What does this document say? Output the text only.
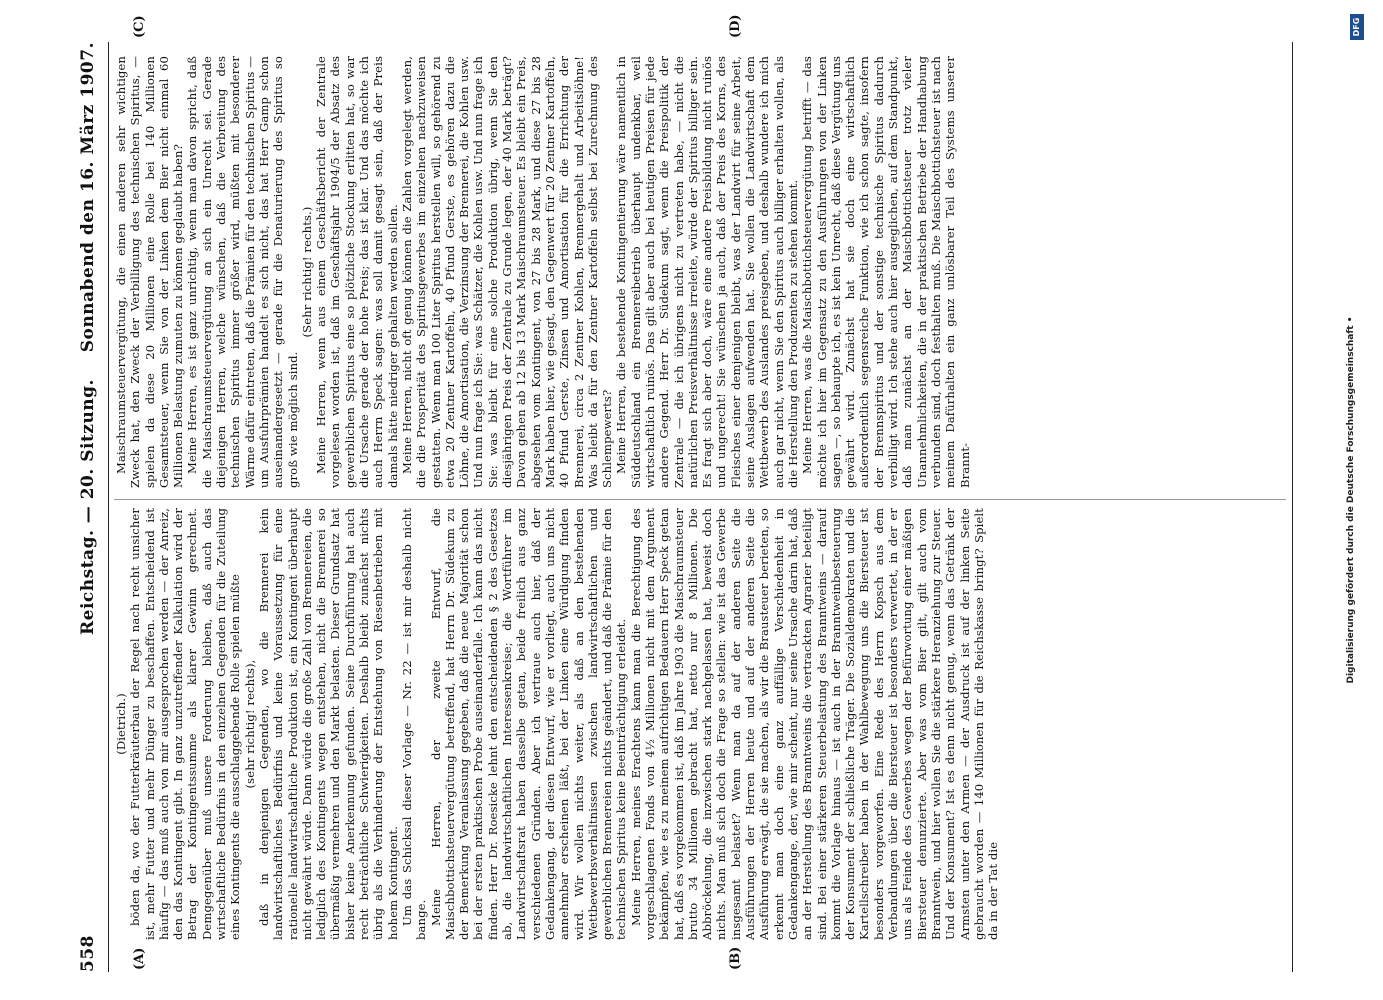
558
Reichstag. — 20. Sitzung.
Sonnabend den 16. März 1907.
(A)	(B)
(C)	(D)

(Dietrich.) böden da, wo der Futterkräuterbau der Regel nach recht unsicher ist, mehr Futter und mehr Dünger zu beschaffen. Entscheidend ist häufig — das muß auch von mir ausgesprochen werden — der Anreiz, den das Kontingent gibt. In ganz unzutreffender Kalkulation wird der Betrag der Kontingentssumme als klarer Gewinn gerechnet. Demgegenüber muß unsere Forderung bleiben, daß auch das wirtschaftliche Bedürfnis in den einzelnen Gegenden für die Zuteilung eines Kontingents die ausschlaggebende Rolle spielen müßte (sehr richtig! rechts), daß in denjenigen Gegenden, wo die Brennerei kein landwirtschaftliches Bedürfnis und keine Voraussetzung für eine rationelle landwirtschaftliche Produktion ist, ein Kontingent überhaupt nicht gewährt würde. Dann würde die große Zahl von Brennereien, die lediglich des Kontingents wegen entstehen, nicht die Brennerei so übermäßig vermehren und den Markt belasten. Dieser Grundsatz hat bisher keine Anerkennung gefunden. Seine Durchführung hat auch recht beträchtliche Schwierigkeiten. Deshalb bleibt zunächst nichts übrig als die Verhinderung der Entstehung von Riesenbetrieben mit hohem Kontingent. Um das Schicksal dieser Vorlage — Nr. 22 — ist mir deshalb nicht bange. Meine Herren, der zweite Entwurf, die Maischbottichsteuervergütung betreffend, hat Herrn Dr. Südekum zu der Bemerkung Veranlassung gegeben, daß die neue Majorität schon bei der ersten praktischen Probe auseinanderfalle. Ich kann das nicht finden. Herr Dr. Roesicke lehnt den entscheidenden § 2 des Gesetzes ab, die landwirtschaftlichen Interessenkreise; die Wortführer im Landwirtschaftsrat haben dasselbe getan, beide freilich aus ganz verschiedenen Gründen. Aber ich vertraue auch hier, daß der Gedankengang, der diesen Entwurf, wie er vorliegt, auch uns nicht annehmbar erscheinen läßt, bei der Linken eine Würdigung finden wird. Wir wollen nichts weiter, als daß an den bestehenden Wettbewerbsverhältnissen zwischen landwirtschaftlichen und gewerblichen Brennereien nichts geändert, und daß die Prämie für den technischen Spiritus keine Beeinträchtigung erleidet. Meine Herren, meines Erachtens kann man die Berechtigung des vorgeschlagenen Fonds von 4½ Millionen nicht mit dem Argument bekämpfen, wie es zu meinem aufrichtigen Bedauern Herr Speck getan hat, daß es vorgekommen ist, daß im Jahre 1903 die Maischraumsteuer brutto 34 Millionen gebracht hat, netto nur 8 Millionen. Die Abbröckelung, die inzwischen stark nachgelassen hat, beweist doch nichts. Man muß sich doch die Frage so stellen: wie ist das Gewerbe insgesamt belastet? Wenn man da auf der anderen Seite die Ausführungen der Herren heute und auf der anderen Seite die Ausführung erwägt, die sie machen, als wir die Brausteuer berieten, so erkennt man doch eine ganz auffällige Verschiedenheit in Gedankengange, der, wie mir scheint, nur seine Ursache darin hat, daß an der Herstellung des Branntweins die vertrackten Agrarier beteiligt sind. Bei einer stärkeren Steuerbelastung des Branntweins — darauf kommt die Vorlage hinaus — ist auch in der Branntweinbesteuerung der Konsument der schließliche Träger. Die Sozialdemokraten und die Kartellschreiber haben in der Wahlbewegung uns die Biersteuer ist besonders vorgeworfen. Eine Rede des Herrn Kopsch aus dem Verbandlungen über die Biersteuer ist besonders verwertet, in der er uns als Feinde des Gewerbes wegen der Befürwortung einer mäßigen Biersteuer denunzierte. Aber was vom Bier gilt, gilt auch vom Branntwein, und hier wollen Sie die stärkere Heranziehung zur Steuer. Und der Konsument? Ist es denn nicht genug, wenn das Getränk der Armsten unter den Armen — der Ausdruck ist auf der linken Seite gebraucht worden — 140 Millionen für die Reichskasse bringt? Spielt da in der Tat die

Maischraumsteuervergütung, die einen anderen sehr wichtigen Zweck hat, den Zweck der Verbilligung des technischen Spiritus, — spielen da diese 20 Millionen eine Rolle bei 140 Millionen Gesamtsteuer, wenn Sie von der Linken dem Bier nicht einmal 60 Millionen Belastung zumuten zu können geglaubt haben? Meine Herren, es ist ganz unrichtig, wenn man davon spricht, daß die Maischraumsteuervergütung an sich ein Unrecht sei. Gerade diejenigen Herren, welche wünschen, daß die Verbreitung des technischen Spiritus immer größer wird, müßten mit besonderer Wärme dafür eintreten, daß die Prämien für den technischen Spiritus — um Ausfuhrprämien handelt es sich nicht, das hat Herr Gamp schon auseinandergesetzt — gerade für die Denaturierung des Spiritus so groß wie möglich sind.

(Sehr richtig! rechts.) Meine Herren, wenn aus einem Geschäftsbericht der Zentrale vorgelesen worden ist, daß im Geschäftsjahr 1904/5 der Absatz des gewerblichen Spiritus eine so plötzliche Stockung erlitten hat, so war die Ursache gerade der hohe Preis; das ist klar. Und das möchte ich auch Herrn Speck sagen: was soll damit gesagt sein, daß der Preis damals hätte niedriger gehalten werden sollen. Meine Herren, nicht oft genug können die Zahlen vorgelegt werden, die die Prosperität des Spiritusgewerbes im einzelnen nachzuweisen gestatten. Wenn man 100 Liter Spiritus herstellen will, so gehörend zu etwa 20 Zentner Kartoffeln, 40 Pfund Gerste, es gehören dazu die Löhne, die Amortisation, die Verzinsung der Brennerei, die Kohlen usw. Und nun frage ich Sie: was Schätzer, die Kohlen usw. Und nun frage ich Sie: was bleibt für eine solche Produktion übrig, wenn Sie den diesjährigen Preis der Zentrale zu Grunde legen, der 40 Mark beträgt? Davon gehen ab 12 bis 13 Mark Maischraumsteuer. Es bleibt ein Preis, abgesehen vom Kontingent, von 27 bis 28 Mark, und diese 27 bis 28 Mark haben hier, wie gesagt, den Gegenwert für 20 Zentner Kartoffeln, 40 Pfund Gerste, Zinsen und Amortisation für die Errichtung der Brennerei, circa 2 Zentner Kohlen, Brennergehalt und Arbeitslöhne! Was bleibt da für den Zentner Kartoffeln selbst bei Zurechnung des Schlempewerts? Meine Herren, die bestehende Kontingentierung wäre namentlich in Süddeutschland ein Brennereibetrieb überhaupt undenkbar, weil wirtschaftlich ruinös. Das gilt aber auch bei heutigen Preisen für jede andere Gegend. Herr Dr. Südekum sagt, wenn die Preispolitik der Zentrale — die ich übrigens nicht zu vertreten habe, — nicht die natürlichen Preisverhältnisse irreleite, würde der Spiritus billiger sein. Es fragt sich aber doch, wäre eine andere Preisbildung nicht ruinös und ungerecht! Sie wünschen ja auch, daß der Preis des Korns, des Fleisches einer demjenigen bleibt, was der Landwirt für seine Arbeit, seine Auslagen aufwenden hat. Sie wollen die Landwirtschaft dem Wettbewerb des Auslandes preisgeben, und deshalb wundere ich mich auch gar nicht, wenn Sie den Spiritus auch billiger erhalten wollen, als die Herstellung den Produzenten zu stehen kommt. Meine Herren, was die Maischbottichsteuervergütung betrifft — das möchte ich hier im Gegensatz zu den Ausführungen von der Linken sagen —, so behaupte ich, es ist kein Unrecht, daß diese Vergütung uns gewährt wird. Zunächst hat sie doch eine wirtschaftlich außerordentlich segensreiche Funktion, wie ich schon sagte, insofern der Brennspiritus und der sonstige technische Spiritus dadurch verbilligt wird. Ich stehe auch hier ausgeglichen, auf dem Standpunkt, daß man zunächst an der Maischbottichsteuer trotz vieler Unannehmlichkeiten, die in der praktischen Betriebe der Handhabung verbunden sind, doch festhalten muß. Die Maischbottichsteuer ist nach meinem Dafürhalten ein ganz unlösbarer Teil des Systems unserer Brannt-	Digitalisierung gefördert durch die Deutsche Forschungsgemeinschaft •
DFG
